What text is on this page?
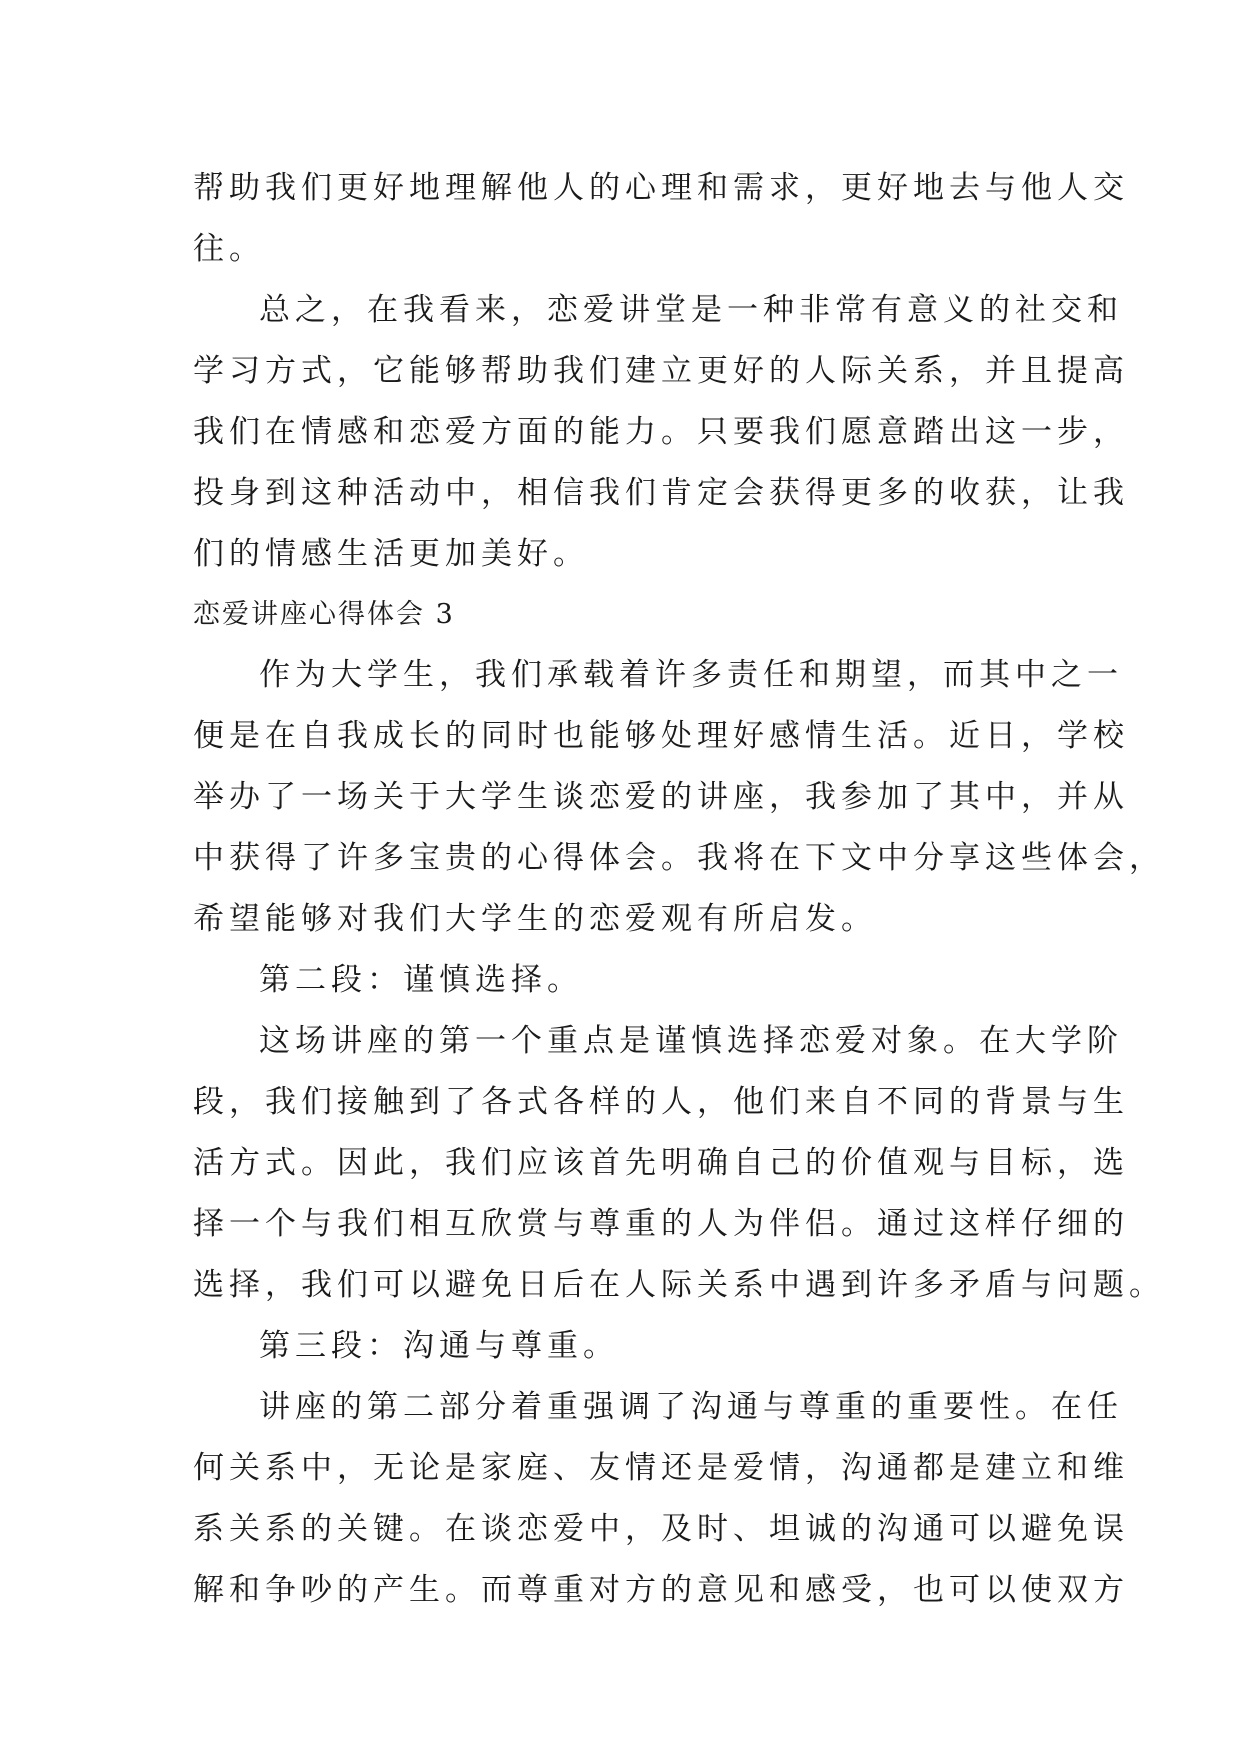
帮助我们更好地理解他人的心理和需求，更好地去与他人交
往。
总之，在我看来，恋爱讲堂是一种非常有意义的社交和
学习方式，它能够帮助我们建立更好的人际关系，并且提高
我们在情感和恋爱方面的能力。只要我们愿意踏出这一步，
投身到这种活动中，相信我们肯定会获得更多的收获，让我
们的情感生活更加美好。
恋爱讲座心得体会 3
作为大学生，我们承载着许多责任和期望，而其中之一
便是在自我成长的同时也能够处理好感情生活。近日，学校
举办了一场关于大学生谈恋爱的讲座，我参加了其中，并从
中获得了许多宝贵的心得体会。我将在下文中分享这些体会，
希望能够对我们大学生的恋爱观有所启发。
第二段：谨慎选择。
这场讲座的第一个重点是谨慎选择恋爱对象。在大学阶
段，我们接触到了各式各样的人，他们来自不同的背景与生
活方式。因此，我们应该首先明确自己的价值观与目标，选
择一个与我们相互欣赏与尊重的人为伴侣。通过这样仔细的
选择，我们可以避免日后在人际关系中遇到许多矛盾与问题。
第三段：沟通与尊重。
讲座的第二部分着重强调了沟通与尊重的重要性。在任
何关系中，无论是家庭、友情还是爱情，沟通都是建立和维
系关系的关键。在谈恋爱中，及时、坦诚的沟通可以避免误
解和争吵的产生。而尊重对方的意见和感受，也可以使双方
